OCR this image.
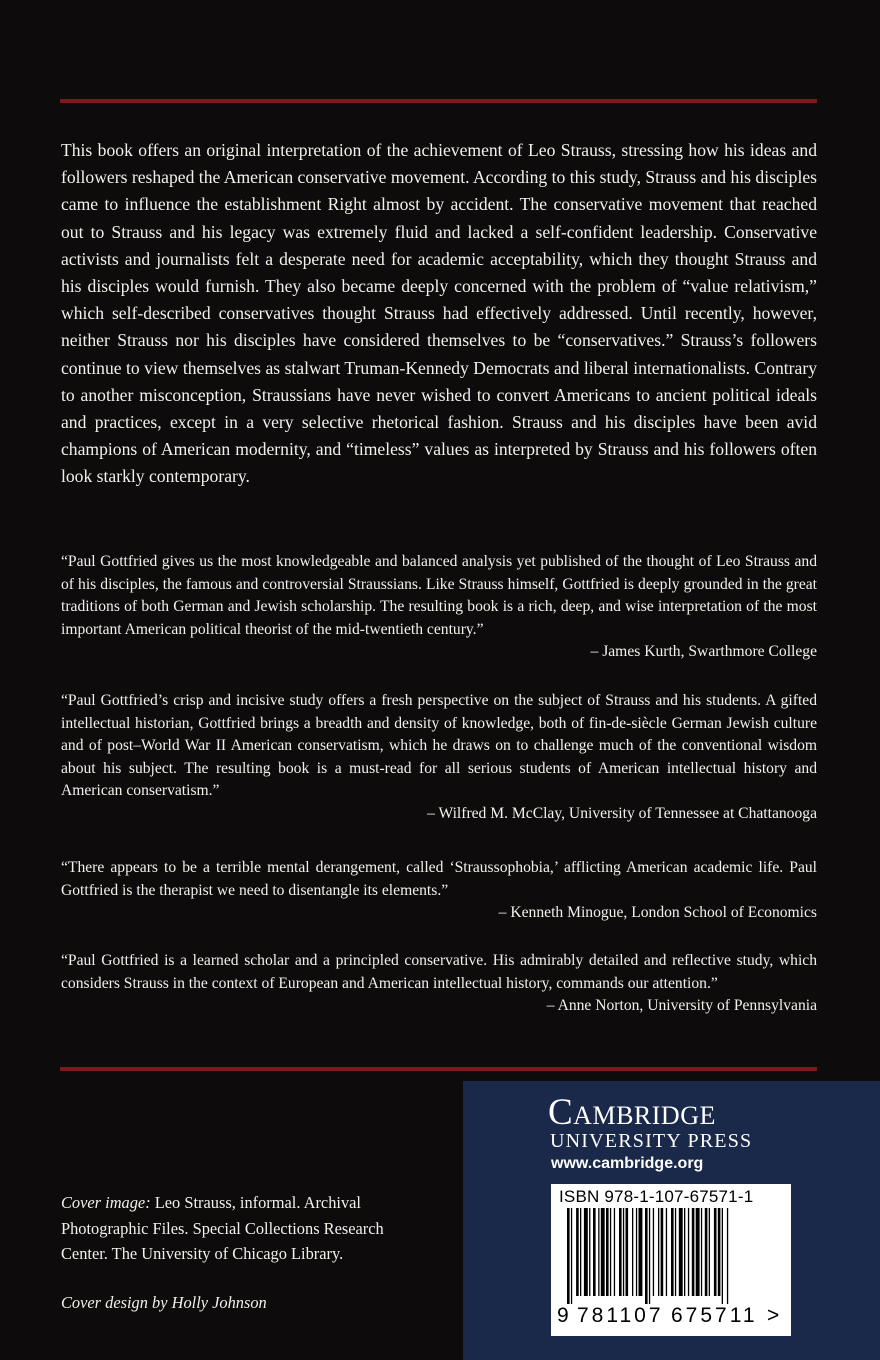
This book offers an original interpretation of the achievement of Leo Strauss, stressing how his ideas and followers reshaped the American conservative movement. According to this study, Strauss and his disciples came to influence the establishment Right almost by accident. The conservative movement that reached out to Strauss and his legacy was extremely fluid and lacked a self-confident leadership. Conservative activists and journalists felt a desperate need for academic acceptability, which they thought Strauss and his disciples would furnish. They also became deeply concerned with the problem of “value relativism,” which self-described conservatives thought Strauss had effectively addressed. Until recently, however, neither Strauss nor his disciples have considered themselves to be “conservatives.” Strauss’s followers continue to view themselves as stalwart Truman-Kennedy Democrats and liberal internationalists. Contrary to another misconception, Straussians have never wished to convert Americans to ancient political ideals and practices, except in a very selective rhetorical fashion. Strauss and his disciples have been avid champions of American modernity, and “timeless” values as interpreted by Strauss and his followers often look starkly contemporary.

“Paul Gottfried gives us the most knowledgeable and balanced analysis yet published of the thought of Leo Strauss and of his disciples, the famous and controversial Straussians. Like Strauss himself, Gottfried is deeply grounded in the great traditions of both German and Jewish scholarship. The resulting book is a rich, deep, and wise interpretation of the most important American political theorist of the mid-twentieth century.”

– James Kurth, Swarthmore College

“Paul Gottfried’s crisp and incisive study offers a fresh perspective on the subject of Strauss and his students. A gifted intellectual historian, Gottfried brings a breadth and density of knowledge, both of fin-de-siècle German Jewish culture and of post–World War II American conservatism, which he draws on to challenge much of the conventional wisdom about his subject. The resulting book is a must-read for all serious students of American intellectual history and American conservatism.”

– Wilfred M. McClay, University of Tennessee at Chattanooga

“There appears to be a terrible mental derangement, called ‘Straussophobia,’ afflicting American academic life. Paul Gottfried is the therapist we need to disentangle its elements.”

– Kenneth Minogue, London School of Economics

“Paul Gottfried is a learned scholar and a principled conservative. His admirably detailed and reflective study, which considers Strauss in the context of European and American intellectual history, commands our attention.”

– Anne Norton, University of Pennsylvania

Cover image: Leo Strauss, informal. Archival Photographic Files. Special Collections Research Center. The University of Chicago Library.

Cover design by Holly Johnson

Cambridge
UNIVERSITY PRESS
www.cambridge.org
ISBN 978-1-107-67571-1
9 781107 675711 >
